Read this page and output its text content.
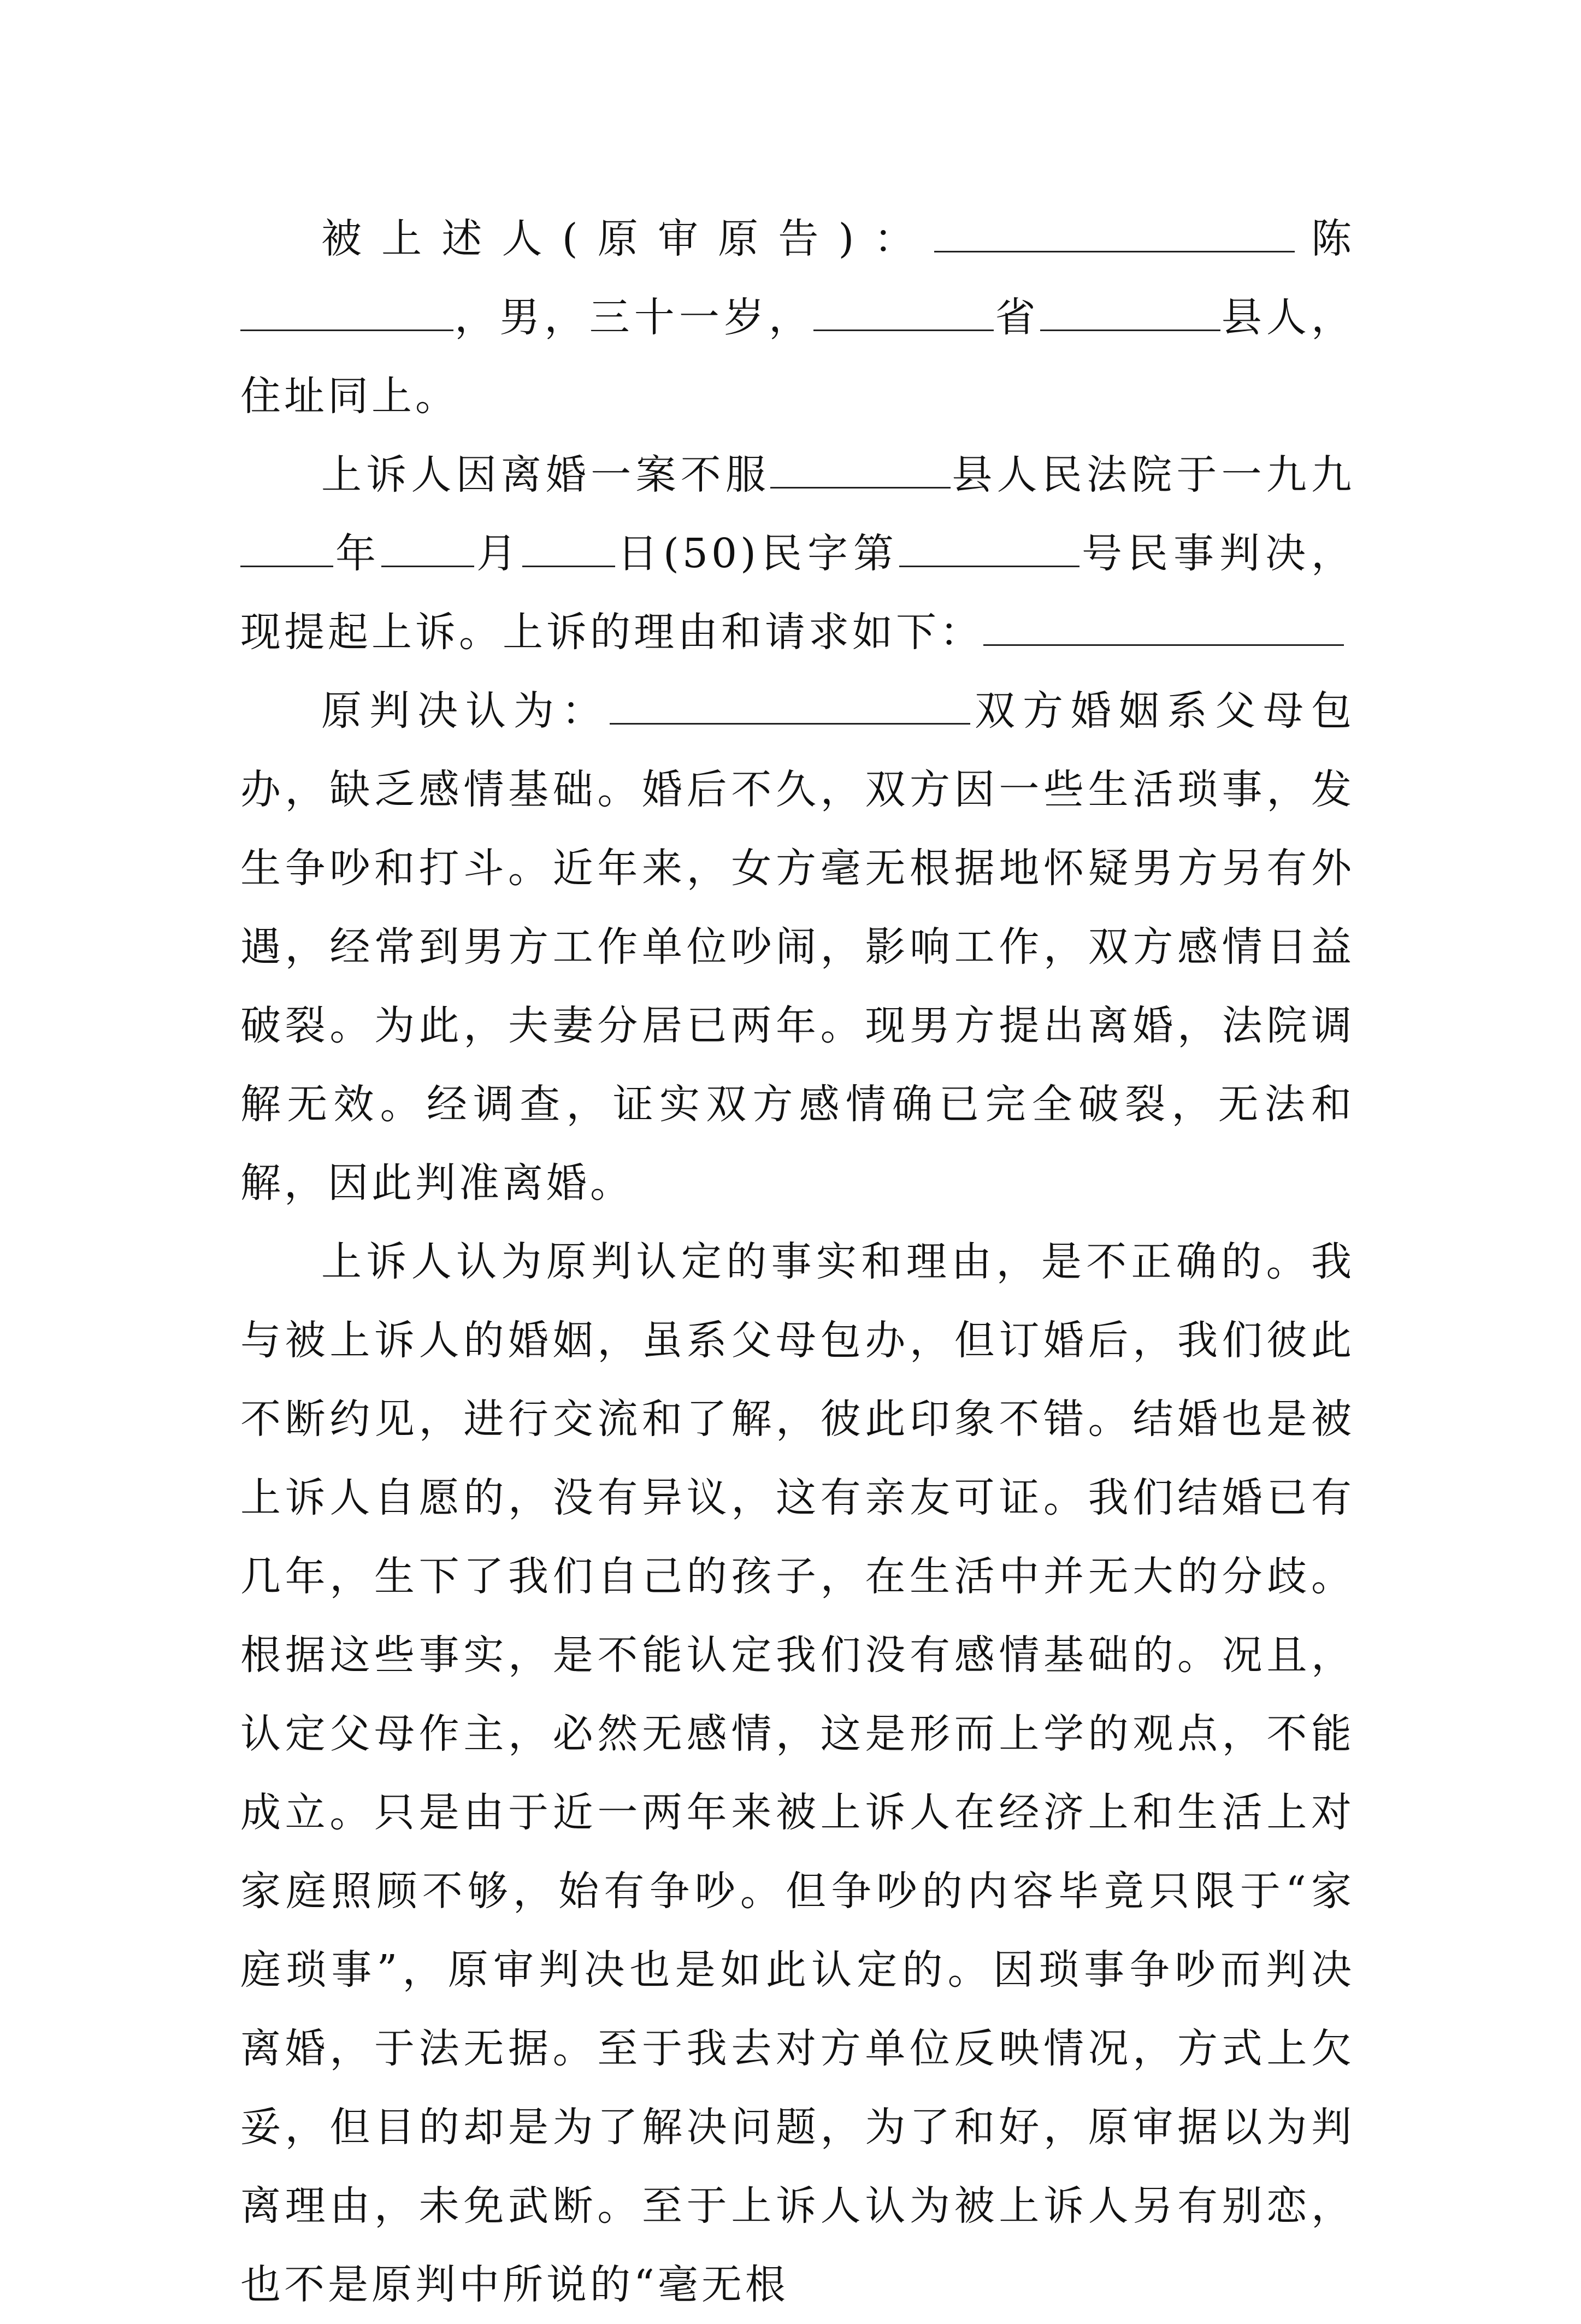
被上述人(原审原告)：	陈，男，三十一岁，	省	县人，住址同上。

上诉人因离婚一案不服	县人民法院于一九九年 月 日(50)民字第	号民事判决，现提起上诉。上诉的理由和请求如下：

原判决认为：	双方婚姻系父母包办，缺乏感情基础。婚后不久，双方因一些生活琐事，发生争吵和打斗。近年来，女方毫无根据地怀疑男方另有外遇，经常到男方工作单位吵闹，影响工作，双方感情日益破裂。为此，夫妻分居已两年。现男方提出离婚，法院调解无效。经调查，证实双方感情确已完全破裂，无法和解，因此判准离婚。

上诉人认为原判认定的事实和理由，是不正确的。我与被上诉人的婚姻，虽系父母包办，但订婚后，我们彼此不断约见，进行交流和了解，彼此印象不错。结婚也是被上诉人自愿的，没有异议，这有亲友可证。我们结婚已有几年，生下了我们自己的孩子，在生活中并无大的分歧。根据这些事实，是不能认定我们没有感情基础的。况且，认定父母作主，必然无感情，这是形而上学的观点，不能成立。只是由于近一两年来被上诉人在经济上和生活上对家庭照顾不够，始有争吵。但争吵的内容毕竟只限于“家庭琐事”，原审判决也是如此认定的。因琐事争吵而判决离婚，于法无据。至于我去对方单位反映情况，方式上欠妥，但目的却是为了解决问题，为了和好，原审据以为判离理由，未免武断。至于上诉人认为被上诉人另有别恋，也不是原判中所说的“毫无根
